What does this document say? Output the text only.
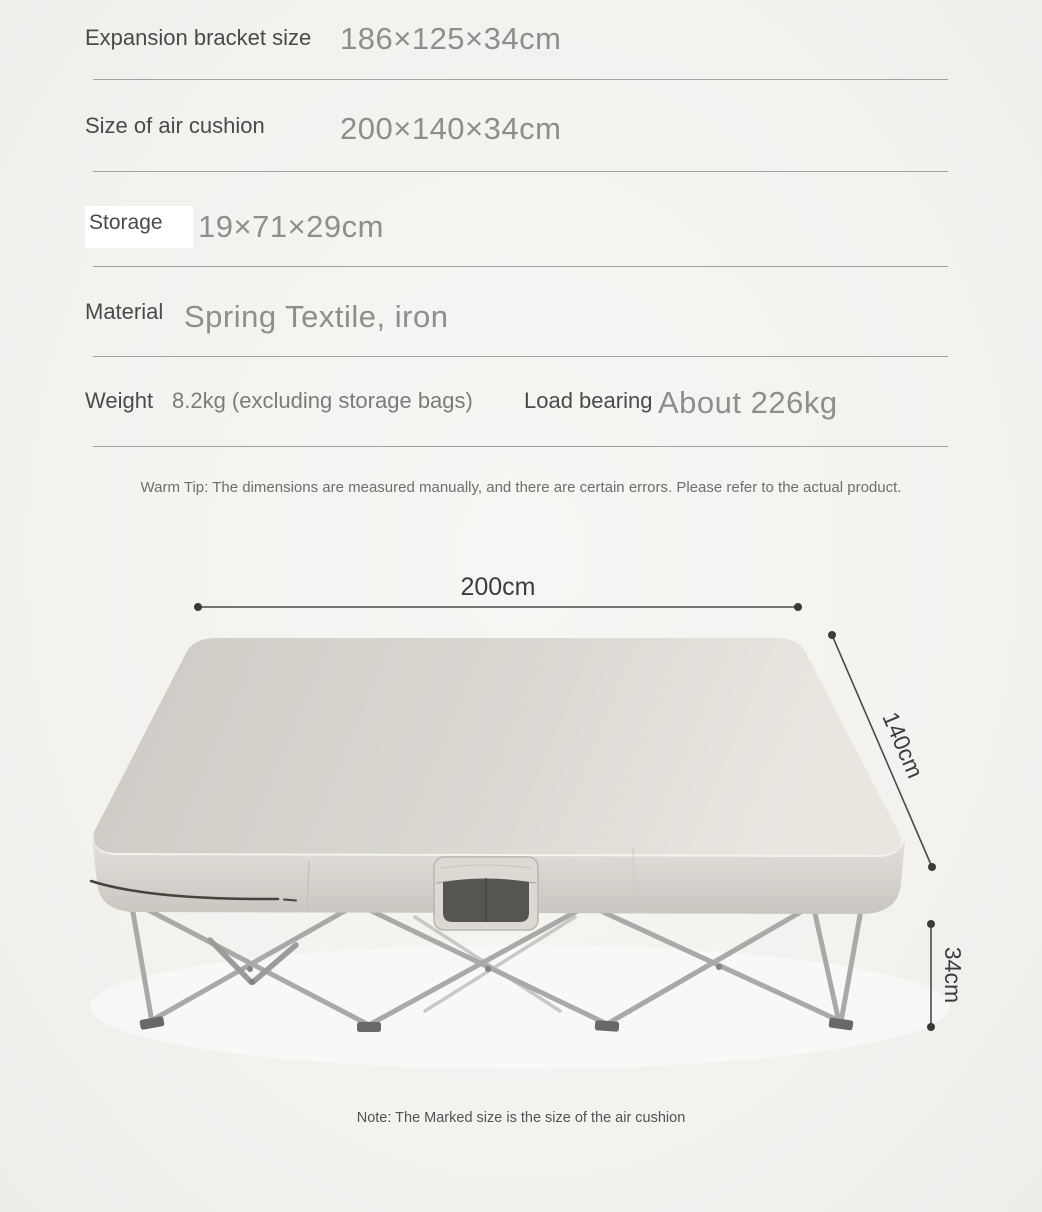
Expansion bracket size 186×125×34cm
Size of air cushion 200×140×34cm
Storage 19×71×29cm
Material Spring Textile, iron
Weight 8.2kg (excluding storage bags) Load bearing About 226kg
Warm Tip: The dimensions are measured manually, and there are certain errors. Please refer to the actual product.
200cm
140cm
34cm
Note: The Marked size is the size of the air cushion
